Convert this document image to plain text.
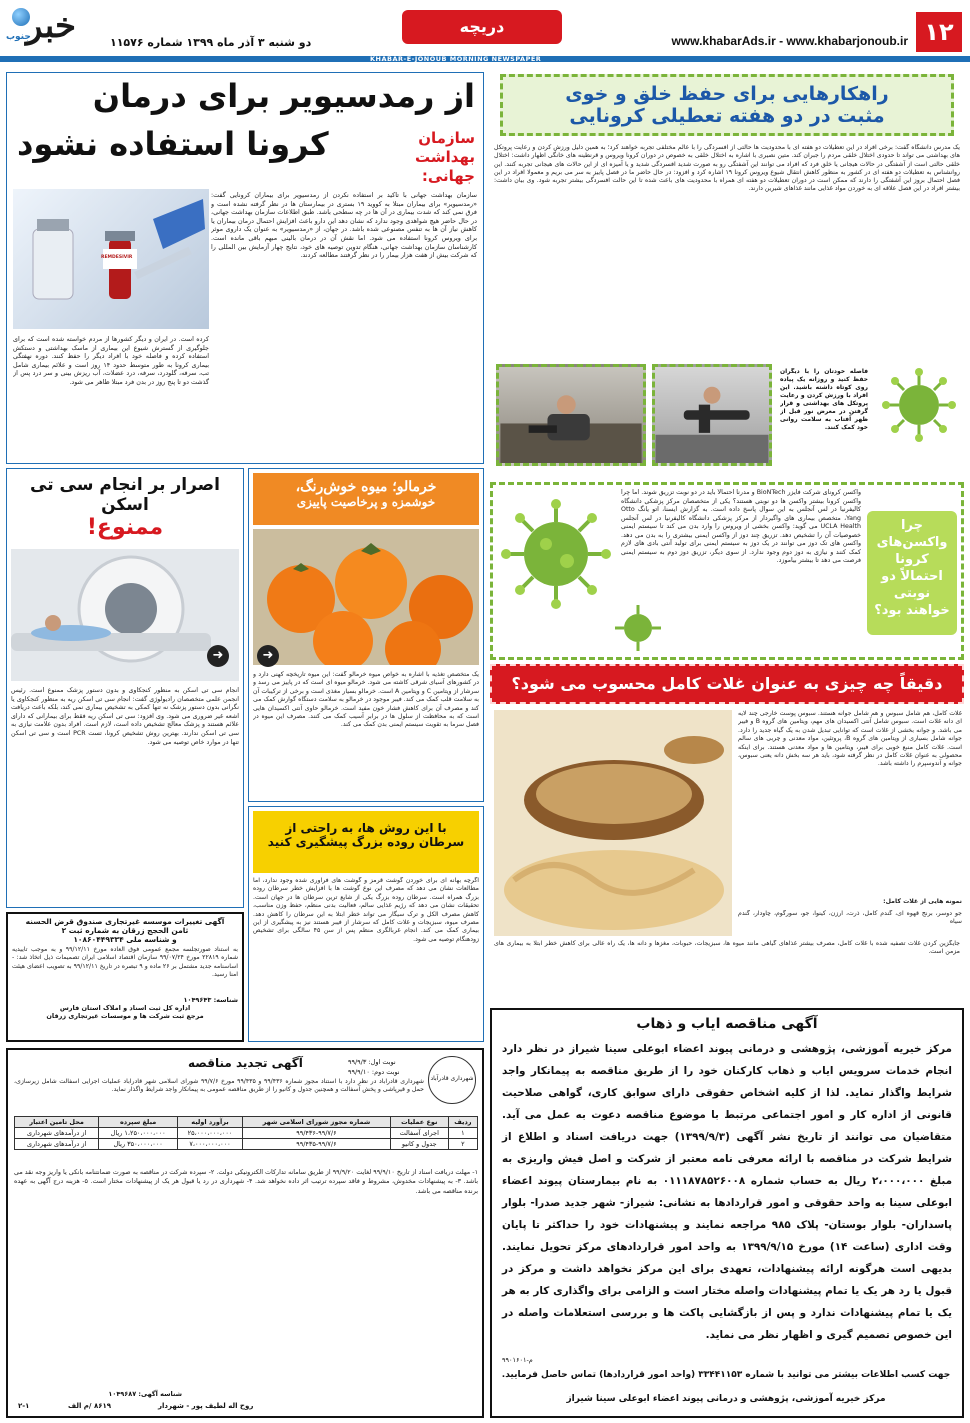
۱۲
www.khabarAds.ir - www.khabarjonoub.ir
دریچه
دو شنبه ۳ آذر ماه ۱۳۹۹ شماره ۱۱۵۷۶
خبر
جنوب
KHABAR-E-JONOUB MORNING NEWSPAPER
راهکارهایی برای حفظ خلق و خوی
مثبت در دو هفته تعطیلی کرونایی
یک مدرس دانشگاه گفت: برخی افراد در این تعطیلات دو هفته ای با محدودیت ها حالتی از افسردگی را با عالم مختلفی تجربه خواهند کرد؛ به همین دلیل ورزش کردن و رعایت پروتکل های بهداشتی می تواند تا حدودی اختلال خلقی مردم را جبران کند. متین نصیری با اشاره به اختلال خلقی به خصوص در دوران کرونا ویروس و قرنطینه های خانگی اظهار داشت: اختلال خلقی حالتی است از آشفتگی در حالات هیجانی یا خلق فرد که افراد می توانند این آشفتگی رو به صورت شدید افسردگی شدید و یا آمیزه ای از این حالات های هیجانی تجربه کنند. این روانشناس به تعطیلات دو هفته ای در کشور به منظور کاهش انتقال شیوع ویروس کرونا ۱۹ اشاره کرد و افزود: در حال حاضر ما در فصل پاییز به سر می بریم و معمولا افراد در این فصل احتمال بروز این آشفتگی را دارند که ممکن است در دوران تعطیلات دو هفته ای همراه با محدودیت های باعث شده تا این حالت افسردگی بیشتر تجربه شود. وی بیان داشت: بیشتر افراد در این فصل علاقه ای به خوردن مواد غذایی مانند غذاهای شیرین دارند.
فاصله خودتان را با دیگران حفظ کنید و روزانه یک پیاده روی کوتاه داشته باشید. این افراد با ورزش کردن و رعایت پروتکل های بهداشتی و قرار گرفتن در معرض نور قبل از ظهر آفتاب به سلامت روانی خود کمک کنند.
از رمدسیویر برای درمان
کرونا استفاده نشود	سازمان بهداشت جهانی:
REMDESIVIR
سازمان بهداشت جهانی با تاکید بر استفاده نکردن از رمدسیویر برای بیماران کرونایی گفت: «رمدسیویر» برای بیماران مبتلا به کووید ۱۹ بستری در بیمارستان ها در نظر گرفته نشده است و فرق نمی کند که شدت بیماری در آن ها در چه سطحی باشد. طبق اطلاعات سازمان بهداشت جهانی، در حال حاضر هیچ شواهدی وجود ندارد که نشان دهد این دارو باعث افزایش احتمال درمان بیماران یا کاهش نیاز آن ها به تنفس مصنوعی شده باشد. در جهان، از «رمدسیویر» به عنوان یک داروی موثر برای ویروس کرونا استفاده می شود. اما نقش آن در درمان بالینی مبهم باقی مانده است. کارشناسان سازمان بهداشت جهانی، هنگام تدوین توصیه های خود، نتایج چهار آزمایش بین المللی را که شرکت بیش از هفت هزار بیمار را در نظر گرفتند مطالعه کردند.
کرده است. در ایران و دیگر کشورها از مردم خواسته شده است که برای جلوگیری از گسترش شیوع این بیماری از ماسک بهداشتی و دستکش استفاده کرده و فاصله خود با افراد دیگر را حفظ کنند. دوره نهفتگی بیماری کرونا به طور متوسط حدود ۱۴ روز است و علائم بیماری شامل تب، سرفه، گلودرد، سرفه، درد عضلات، آب ریزش بینی و سر درد پس از گذشت دو تا پنج روز در بدن فرد مبتلا ظاهر می شود.
چرا واکسن‌های کرونا احتمالاً دو نوبتی خواهند بود؟
واکسن کرونای شرکت فایزر BioNTech و مدرنا احتمالاً باید در دو نوبت تزریق شوند. اما چرا واکسن کرونا بیشتر واکسن ها دو نوبتی هستند؟ یکی از متخصصان مرکز پزشکی دانشگاه کالیفرنیا در لس آنجلس به این سوال پاسخ داده است. به گزارش ایسنا، اتو یانگ Otto Yang، متخصص بیماری های واگیردار از مرکز پزشکی دانشگاه کالیفرنیا در لس آنجلس UCLA Health می گوید: واکسن بخشی از ویروس را وارد بدن می کند تا سیستم ایمنی خصوصیات آن را تشخیص دهد. تزریق چند دوز از واکسن ایمنی بیشتری را به بدن می دهد. واکسن های تک دوز می توانند در یک دوز به سیستم ایمنی برای تولید آنتی بادی های لازم کمک کنند و نیازی به دوز دوم وجود ندارد. از سوی دیگر، تزریق دوز دوم به سیستم ایمنی فرصت می دهد تا بیشتر بیاموزد.
خرمالو؛ میوه خوش‌رنگ،
خوشمزه و پرخاصیت پاییزی
➜
یک متخصص تغذیه با اشاره به خواص میوه خرمالو گفت: این میوه تاریخچه کهنی دارد و در کشورهای آسیای شرقی کاشته می شود. خرمالو میوه ای است که در پاییز می رسد و سرشار از ویتامین C و ویتامین A است. خرمالو بسیار مغذی است و برخی از ترکیبات آن به سلامت قلب کمک می کند. فیبر موجود در خرمالو به سلامت دستگاه گوارش کمک می کند و مصرف آن برای کاهش فشار خون مفید است. خرمالو حاوی آنتی اکسیدان هایی است که به محافظت از سلول ها در برابر آسیب کمک می کنند. مصرف این میوه در فصل سرما به تقویت سیستم ایمنی بدن کمک می کند.
اصرار بر انجام سی تی اسکن
ممنوع!
➜
انجام سی تی اسکن به منظور کنجکاوی و بدون دستور پزشک ممنوع است. رئیس انجمن علمی متخصصان رادیولوژی گفت: انجام سی تی اسکن ریه به منظور کنجکاوی یا نگرانی بدون دستور پزشک نه تنها کمکی به تشخیص بیماری نمی کند، بلکه باعث دریافت اشعه غیر ضروری می شود. وی افزود: سی تی اسکن ریه فقط برای بیمارانی که دارای علائم هستند و پزشک معالج تشخیص داده است، لازم است. افراد بدون علامت نیازی به سی تی اسکن ندارند. بهترین روش تشخیص کرونا، تست PCR است و سی تی اسکن تنها در موارد خاص توصیه می شود.
دقیقاً چه چیزی به عنوان غلات کامل محسوب می شود؟
غلات کامل، هم شامل سبوس و هم شامل جوانه هستند. سبوس پوست خارجی چند لایه ای دانه غلات است. سبوس شامل آنتی اکسیدان های مهم، ویتامین های گروه B و فیبر می باشد. و جوانه بخشی از غلات است که توانایی تبدیل شدن به یک گیاه جدید را دارد. جوانه شامل بسیاری از ویتامین های گروه B، پروتئین، مواد معدنی و چربی های سالم است. غلات کامل منبع خوبی برای فیبر، ویتامین ها و مواد معدنی هستند. برای اینکه محصولی به عنوان غلات کامل در نظر گرفته شود، باید هر سه بخش دانه یعنی سبوس، جوانه و آندوسپرم را داشته باشد.
نمونه هایی از غلات کامل:
جو دوسر، برنج قهوه ای، گندم کامل، ذرت، ارزن، کینوا، جو، سورگوم، چاودار، گندم سیاه
جایگزین کردن غلات تصفیه شده با غلات کامل، مصرف بیشتر غذاهای گیاهی مانند میوه ها، سبزیجات، حبوبات، مغزها و دانه ها، یک راه عالی برای کاهش خطر ابتلا به بیماری های مزمن است.
با این روش ها، به راحتی از
سرطان روده بزرگ پیشگیری کنید
اگرچه بهانه ای برای خوردن گوشت قرمز و گوشت های فرآوری شده وجود ندارد، اما مطالعات نشان می دهد که مصرف این نوع گوشت ها با افزایش خطر سرطان روده بزرگ همراه است. سرطان روده بزرگ یکی از شایع ترین سرطان ها در جهان است. تحقیقات نشان می دهد که رژیم غذایی سالم، فعالیت بدنی منظم، حفظ وزن مناسب، کاهش مصرف الکل و ترک سیگار می تواند خطر ابتلا به این سرطان را کاهش دهد. مصرف میوه، سبزیجات و غلات کامل که سرشار از فیبر هستند نیز به پیشگیری از این بیماری کمک می کند. انجام غربالگری منظم پس از سن ۴۵ سالگی برای تشخیص زودهنگام توصیه می شود.
آگهی تغییرات موسسه غیرتجاری صندوق قرض الحسنه
ثامن الحجج زرقان به شماره ثبت ۲
و شناسه ملی ۱۰۸۶۰۴۴۹۳۳۴
به استناد صورتجلسه مجمع عمومی فوق العاده مورخ ۹۹/۱۲/۱۱ و به موجب تاییدیه شماره ۲۲۸۱۹ مورخ ۹۹/۰۷/۲۴ سازمان اقتصاد اسلامی ایران تصمیمات ذیل اتخاذ شد: - اساسنامه جدید مشتمل بر ۲۶ ماده و ۹ تبصره در تاریخ ۹۹/۱۲/۱۱ به تصویب اعضای هیئت امنا رسید.
شناسه: ۱۰۴۹۶۴۳
اداره کل ثبت اسناد و املاک استان فارس
مرجع ثبت شرکت ها و موسسات غیرتجاری زرقان
شهرداری قادرآباد
آگهی تجدید مناقصه	نوبت اول: ۹۹/۹/۳
نوبت دوم: ۹۹/۹/۱۰
شهرداری قادرآباد در نظر دارد با استناد مجوز شماره ۹۹/۴۳۶ و ۹۹/۴۳۵ مورخ ۹۹/۷/۶ شورای اسلامی شهر قادرآباد عملیات اجرایی آسفالت شامل زیرسازی، حمل و قیرپاشی و پخش آسفالت و همچنین جدول و کانیو را از طریق مناقصه عمومی به پیمانکار واجد شرایط واگذار نماید.
ردیف	نوع عملیات	شماره مجوز شورای اسلامی شهر	برآورد اولیه	مبلغ سپرده	محل تامین اعتبار
۱	اجرای آسفالت	۹۹/۴۳۶-۹۹/۷/۶	۲۵،۰۰۰،۰۰۰،۰۰۰	۱،۲۵۰،۰۰۰،۰۰۰ ریال	از درآمدهای شهرداری
۲	جدول و کانیو	۹۹/۴۳۵-۹۹/۷/۶	۷،۰۰۰،۰۰۰،۰۰۰	۳۵۰،۰۰۰،۰۰۰ ریال	از درآمدهای شهرداری
۱- مهلت دریافت اسناد از تاریخ ۹۹/۹/۱۰ لغایت ۹۹/۹/۲۰ از طریق سامانه تدارکات الکترونیکی دولت. ۲- سپرده شرکت در مناقصه به صورت ضمانتنامه بانکی یا واریز وجه نقد می باشد. ۳- به پیشنهادات مخدوش، مشروط و فاقد سپرده ترتیب اثر داده نخواهد شد. ۴- شهرداری در رد یا قبول هر یک از پیشنهادات مختار است. ۵- هزینه درج آگهی به عهده برنده مناقصه می باشد.
شناسه آگهی: ۱۰۴۹۶۸۷
روح اله لطیف پور - شهردار
۸۶۱۹ /م الف
۲-۱
آگهی مناقصه ایاب و ذهاب
مرکز خیریه آموزشی، پژوهشی و درمانی پیوند اعضاء ابوعلی سینا شیراز در نظر دارد انجام خدمات سرویس ایاب و ذهاب کارکنان خود را از طریق مناقصه به پیمانکار واجد شرایط واگذار نماید. لذا از کلیه اشخاص حقوقی دارای سوابق کاری، گواهی صلاحیت قانونی از اداره کار و امور اجتماعی مرتبط با موضوع مناقصه دعوت به عمل می آید. متقاضیان می توانند از تاریخ نشر آگهی (۱۳۹۹/۹/۳) جهت دریافت اسناد و اطلاع از شرایط شرکت در مناقصه با ارائه معرفی نامه معتبر از شرکت و اصل فیش واریزی به مبلغ ۲،۰۰۰،۰۰۰ ریال به حساب شماره ۰۱۱۱۸۷۸۵۲۶۰۰۸ به نام بیمارستان پیوند اعضاء ابوعلی سینا به واحد حقوقی و امور قراردادها به نشانی: شیراز- شهر جدید صدرا- بلوار پاسداران- بلوار بوستان- پلاک ۹۸۵ مراجعه نمایند و پیشنهادات خود را حداکثر تا پایان وقت اداری (ساعت ۱۴) مورخ ۱۳۹۹/۹/۱۵ به واحد امور قراردادهای مرکز تحویل نمایند. بدیهی است هرگونه ارائه پیشنهادات، تعهدی برای این مرکز نخواهد داشت و مرکز در قبول یا رد هر یک یا تمام پیشنهادات واصله مختار است و الزامی برای واگذاری کار به هر یک یا تمام پیشنهادات ندارد و پس از بازگشایی پاکت ها و بررسی استعلامات واصله در این خصوص تصمیم گیری و اظهار نظر می نماید.
م-۹۹۰۱۶۰۱
جهت کسب اطلاعات بیشتر می توانید با شماره ۳۳۴۴۱۱۵۳ (واحد امور قراردادها) تماس حاصل فرمایید.
مرکز خیریه آموزشی، پژوهشی و درمانی پیوند اعضاء ابوعلی سینا شیراز
